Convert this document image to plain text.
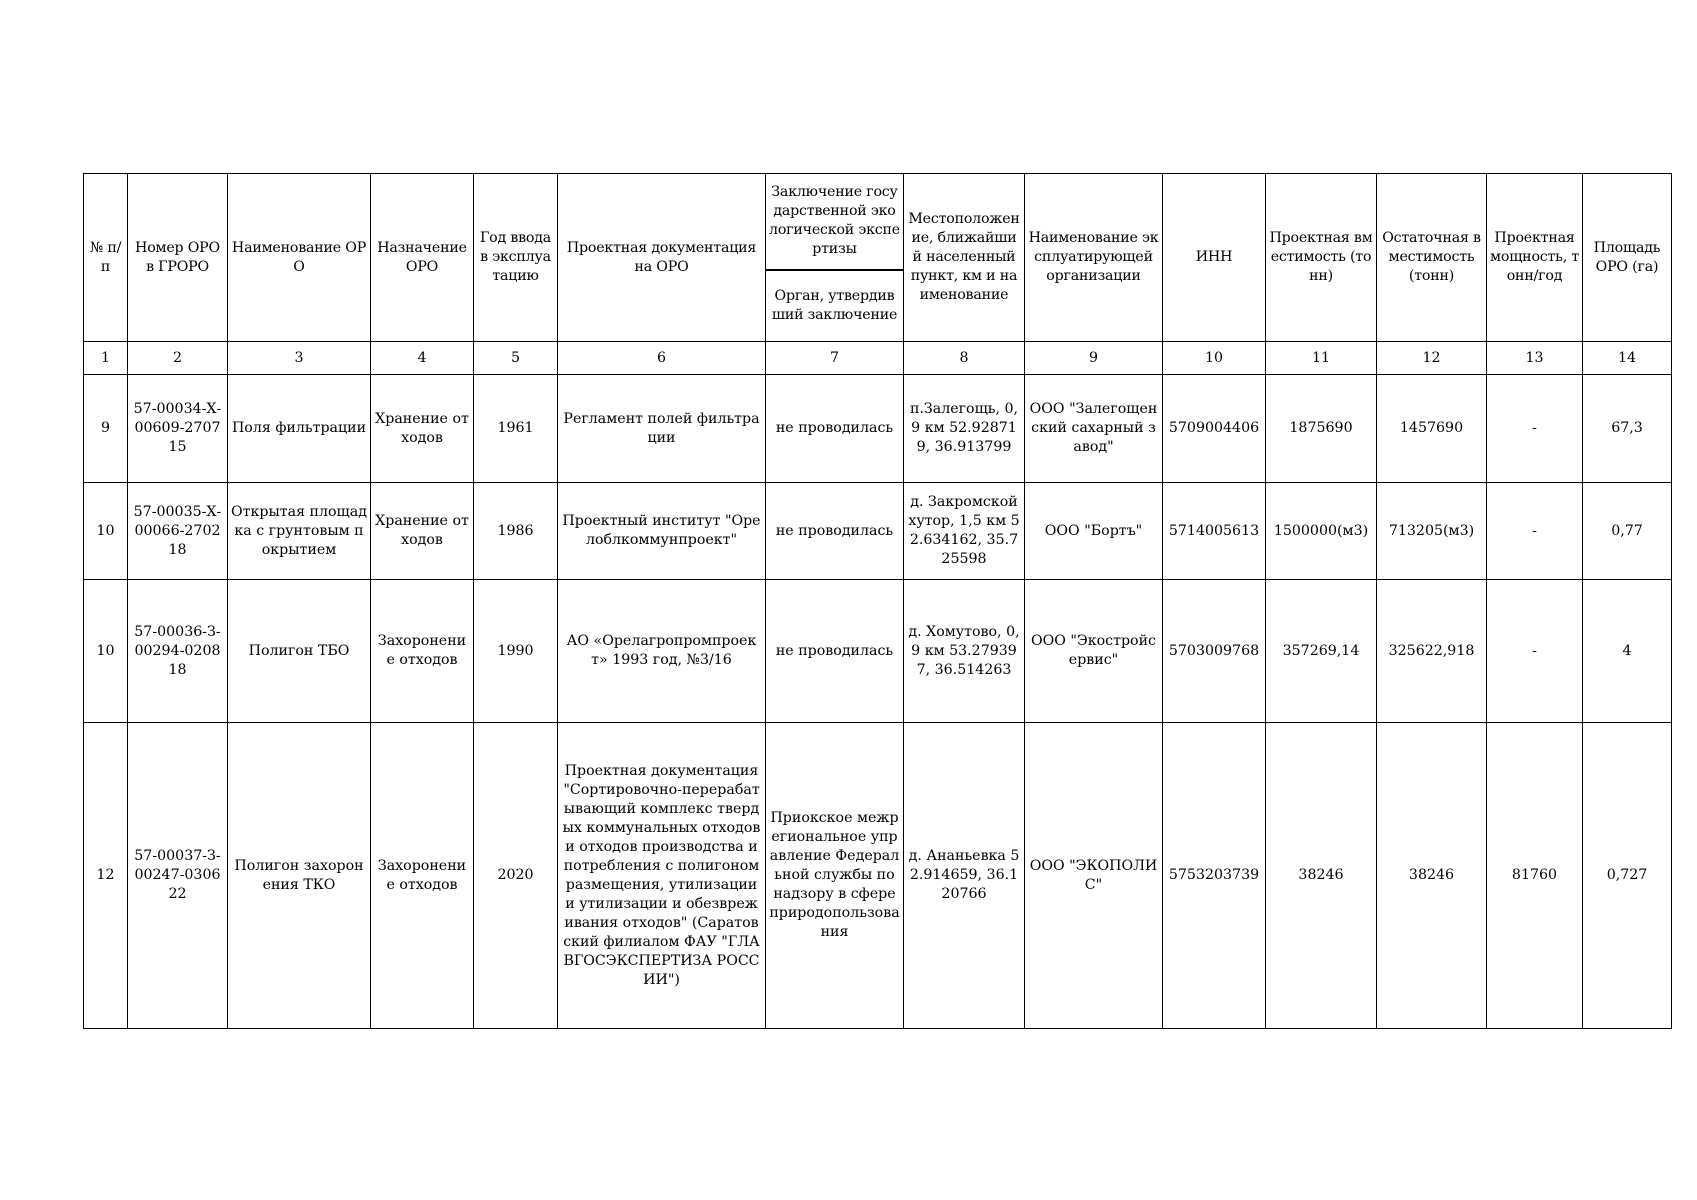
№ п/п	Номер ОРО в ГРОРО	Наименование ОРО	Назначение ОРО	Год ввода в эксплуатацию	Проектная документация на ОРО	Заключение государственной экологической экспертизы	Местоположение, ближайший населенный пункт, км и наименование	Наименование эксплуатирующей организации	ИНН	Проектная вместимость (тонн)	Остаточная вместимость (тонн)	Проектная мощность, тонн/год	Площадь ОРО (га)
						Орган, утвердивший заключение							
1	2	3	4	5	6	7	8	9	10	11	12	13	14
9	57-00034-Х-00609-270715	Поля фильтрации	Хранение отходов	1961	Регламент полей фильтрации	не проводилась	п.Залегощь, 0,9 км 52.928719, 36.913799	ООО "Залегощенский сахарный завод"	5709004406	1875690	1457690	-	67,3
10	57-00035-Х-00066-270218	Открытая площадка с грунтовым покрытием	Хранение отходов	1986	Проектный институт "Орелоблкоммунпроект"	не проводилась	д. Закромской хутор, 1,5 км 52.634162, 35.725598	ООО "Бортъ"	5714005613	1500000(м3)	713205(м3)	-	0,77
10	57-00036-З-00294-020818	Полигон ТБО	Захоронение отходов	1990	АО «Орелагропромпроект» 1993 год, №3/16	не проводилась	д. Хомутово, 0,9 км 53.279397, 36.514263	ООО "Экостройсервис"	5703009768	357269,14	325622,918	-	4
12	57-00037-З-00247-030622	Полигон захоронения ТКО	Захоронение отходов	2020	Проектная документация "Сортировочно-перерабатывающий комплекс твердых коммунальных отходов и отходов производства и потребления с полигоном размещения, утилизации и утилизации и обезвреживания отходов" (Саратовский филиалом ФАУ "ГЛАВГОСЭКСПЕРТИЗА РОССИИ")	Приокское межрегиональное управление Федеральной службы по надзору в сфере природопользования	д. Ананьевка 52.914659, 36.120766	ООО "ЭКОПОЛИС"	5753203739	38246	38246	81760	0,727
